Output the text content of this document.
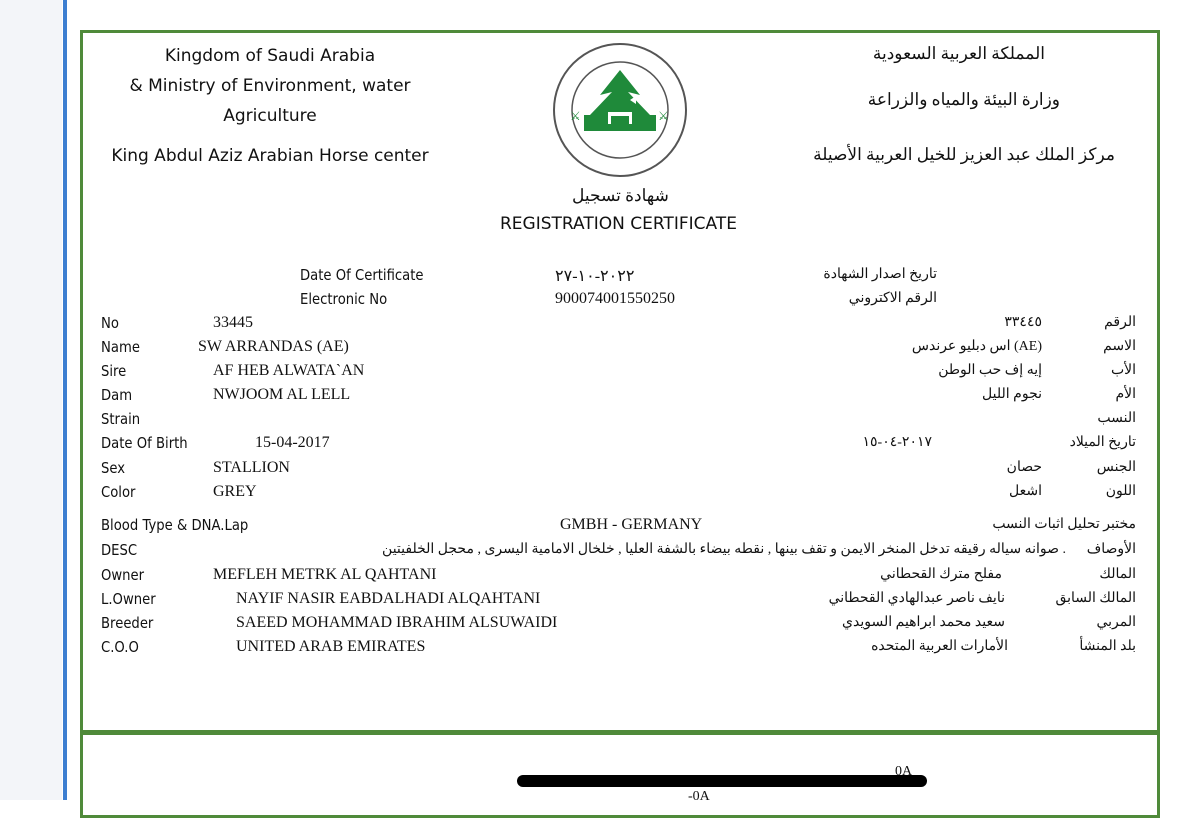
Kingdom of Saudi Arabia
& Ministry of Environment, water
Agriculture
King Abdul Aziz Arabian Horse center
المملكة العربية السعودية
وزارة البيئة والمياه والزراعة
مركز الملك عبد العزيز للخيل العربية الأصيلة
⚔	⚔
شهادة تسجيل
REGISTRATION CERTIFICATE
Date Of Certificate	٢٠٢٢-١٠-٢٧	تاريخ اصدار الشهادة
Electronic No	900074001550250	الرقم الاكتروني
No	33445	٣٣٤٤٥	الرقم
Name	SW ARRANDAS (AE)	(AE) اس دبليو عرندس	الاسم
Sire	AF HEB ALWATA`AN	إيه إف حب الوطن	الأب
Dam	NWJOOM AL LELL	نجوم الليل	الأم
Strain	النسب
Date Of Birth	15-04-2017	٢٠١٧-٠٤-١٥	تاريخ الميلاد
Sex	STALLION	حصان	الجنس
Color	GREY	اشعل	اللون
Blood Type & DNA.Lap	GMBH - GERMANY	مختبر تحليل اثبات النسب
DESC	. صوانه سياله رقيقه تدخل المنخر الايمن و تقف بينها , نقطه بيضاء بالشفة العليا , خلخال الامامية اليسرى , محجل الخلفيتين الأوصاف
Owner	MEFLEH METRK AL QAHTANI	مفلح مترك القحطاني	المالك
L.Owner	NAYIF NASIR EABDALHADI ALQAHTANI	نايف ناصر عبدالهادي القحطاني	المالك السابق
Breeder	SAEED MOHAMMAD IBRAHIM ALSUWAIDI	سعيد محمد ابراهيم السويدي	المربي
C.O.O	UNITED ARAB EMIRATES	الأمارات العربية المتحده	بلد المنشأ
0A
-0A
